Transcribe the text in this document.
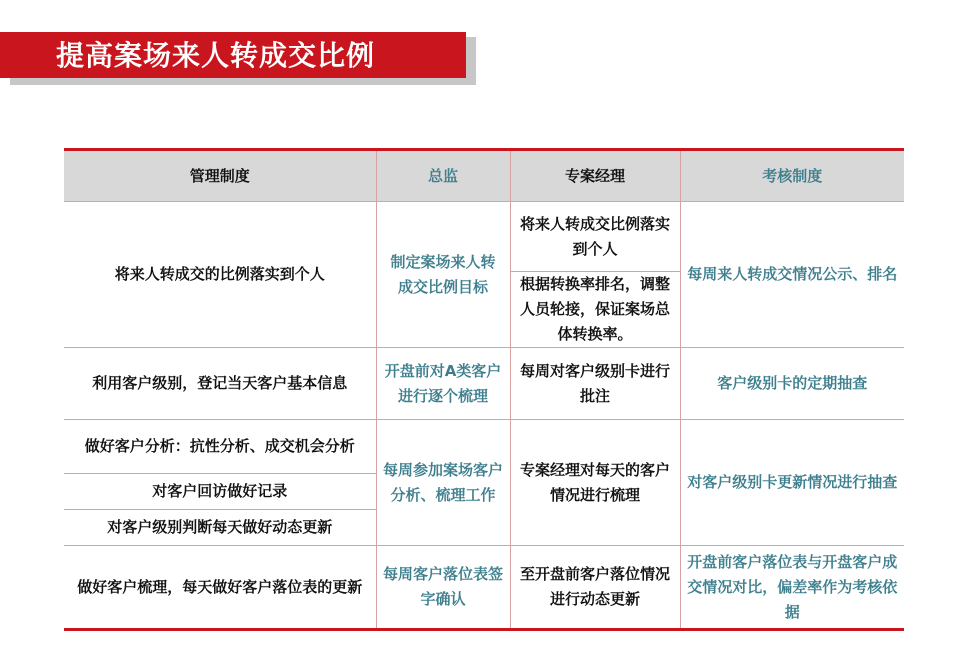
提高案场来人转成交比例
管理制度	总监	专案经理	考核制度
将来人转成交的比例落实到个人	制定案场来人转成交比例目标	将来人转成交比例落实到个人	每周来人转成交情况公示、排名
		根据转换率排名，调整人员轮接，保证案场总体转换率。	
利用客户级别，登记当天客户基本信息	开盘前对A类客户进行逐个梳理	每周对客户级别卡进行批注	客户级别卡的定期抽查
做好客户分析：抗性分析、成交机会分析	每周参加案场客户分析、梳理工作	专案经理对每天的客户情况进行梳理	对客户级别卡更新情况进行抽查
对客户回访做好记录			
对客户级别判断每天做好动态更新			
做好客户梳理，每天做好客户落位表的更新	每周客户落位表签字确认	至开盘前客户落位情况进行动态更新	开盘前客户落位表与开盘客户成交情况对比，偏差率作为考核依据
